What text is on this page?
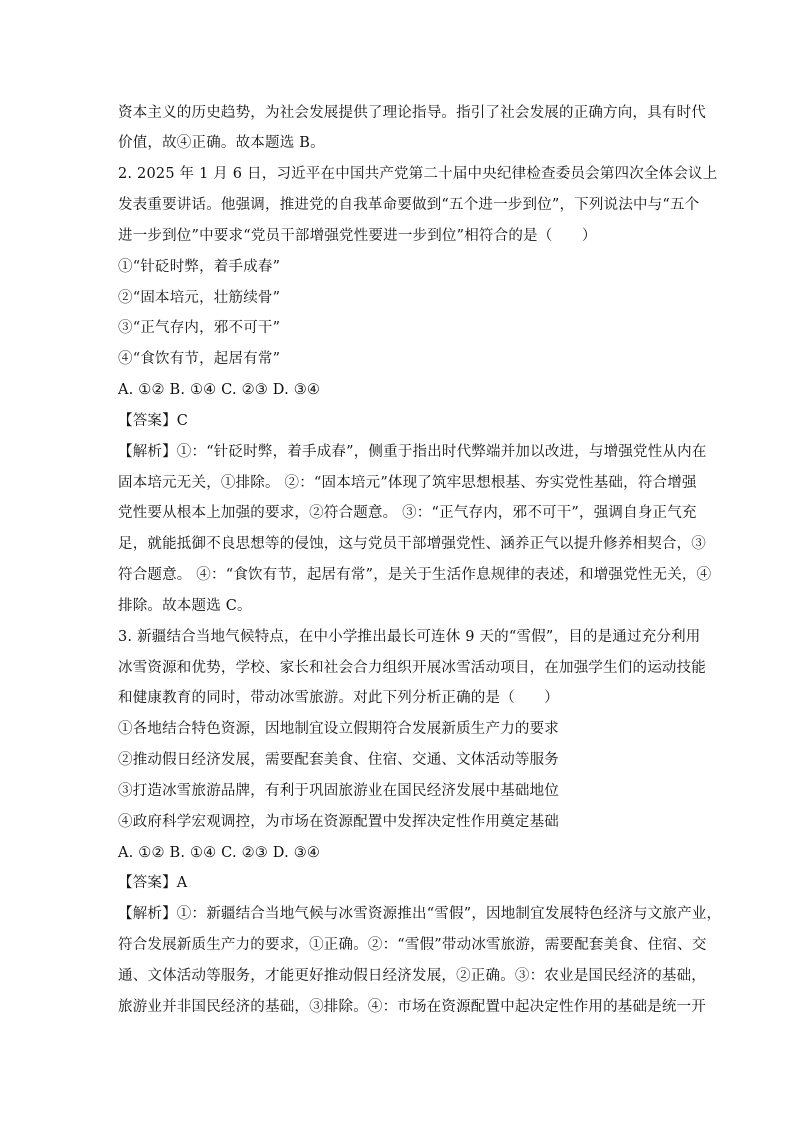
资本主义的历史趋势，为社会发展提供了理论指导。指引了社会发展的正确方向，具有时代
价值，故④正确。故本题选 B。
2. 2025 年 1 月 6 日，习近平在中国共产党第二十届中央纪律检查委员会第四次全体会议上
发表重要讲话。他强调，推进党的自我革命要做到“五个进一步到位”，下列说法中与“五个
进一步到位”中要求“党员干部增强党性要进一步到位”相符合的是（　　）
①“针砭时弊，着手成春”
②“固本培元，壮筋续骨”
③“正气存内，邪不可干”
④“食饮有节，起居有常”
A. ①② B. ①④ C. ②③ D. ③④
【答案】C
【解析】①：“针砭时弊，着手成春”，侧重于指出时代弊端并加以改进，与增强党性从内在
固本培元无关，①排除。 ②：“固本培元”体现了筑牢思想根基、夯实党性基础，符合增强
党性要从根本上加强的要求，②符合题意。 ③：“正气存内，邪不可干”，强调自身正气充
足，就能抵御不良思想等的侵蚀，这与党员干部增强党性、涵养正气以提升修养相契合，③
符合题意。 ④：“食饮有节，起居有常”，是关于生活作息规律的表述，和增强党性无关，④
排除。故本题选 C。
3. 新疆结合当地气候特点，在中小学推出最长可连休 9 天的“雪假”，目的是通过充分利用
冰雪资源和优势，学校、家长和社会合力组织开展冰雪活动项目，在加强学生们的运动技能
和健康教育的同时，带动冰雪旅游。对此下列分析正确的是（　　）
①各地结合特色资源，因地制宜设立假期符合发展新质生产力的要求
②推动假日经济发展，需要配套美食、住宿、交通、文体活动等服务
③打造冰雪旅游品牌，有利于巩固旅游业在国民经济发展中基础地位
④政府科学宏观调控，为市场在资源配置中发挥决定性作用奠定基础
A. ①② B. ①④ C. ②③ D. ③④
【答案】A
【解析】①：新疆结合当地气候与冰雪资源推出“雪假”，因地制宜发展特色经济与文旅产业，
符合发展新质生产力的要求，①正确。②：“雪假”带动冰雪旅游，需要配套美食、住宿、交
通、文体活动等服务，才能更好推动假日经济发展，②正确。③：农业是国民经济的基础，
旅游业并非国民经济的基础，③排除。④：市场在资源配置中起决定性作用的基础是统一开
